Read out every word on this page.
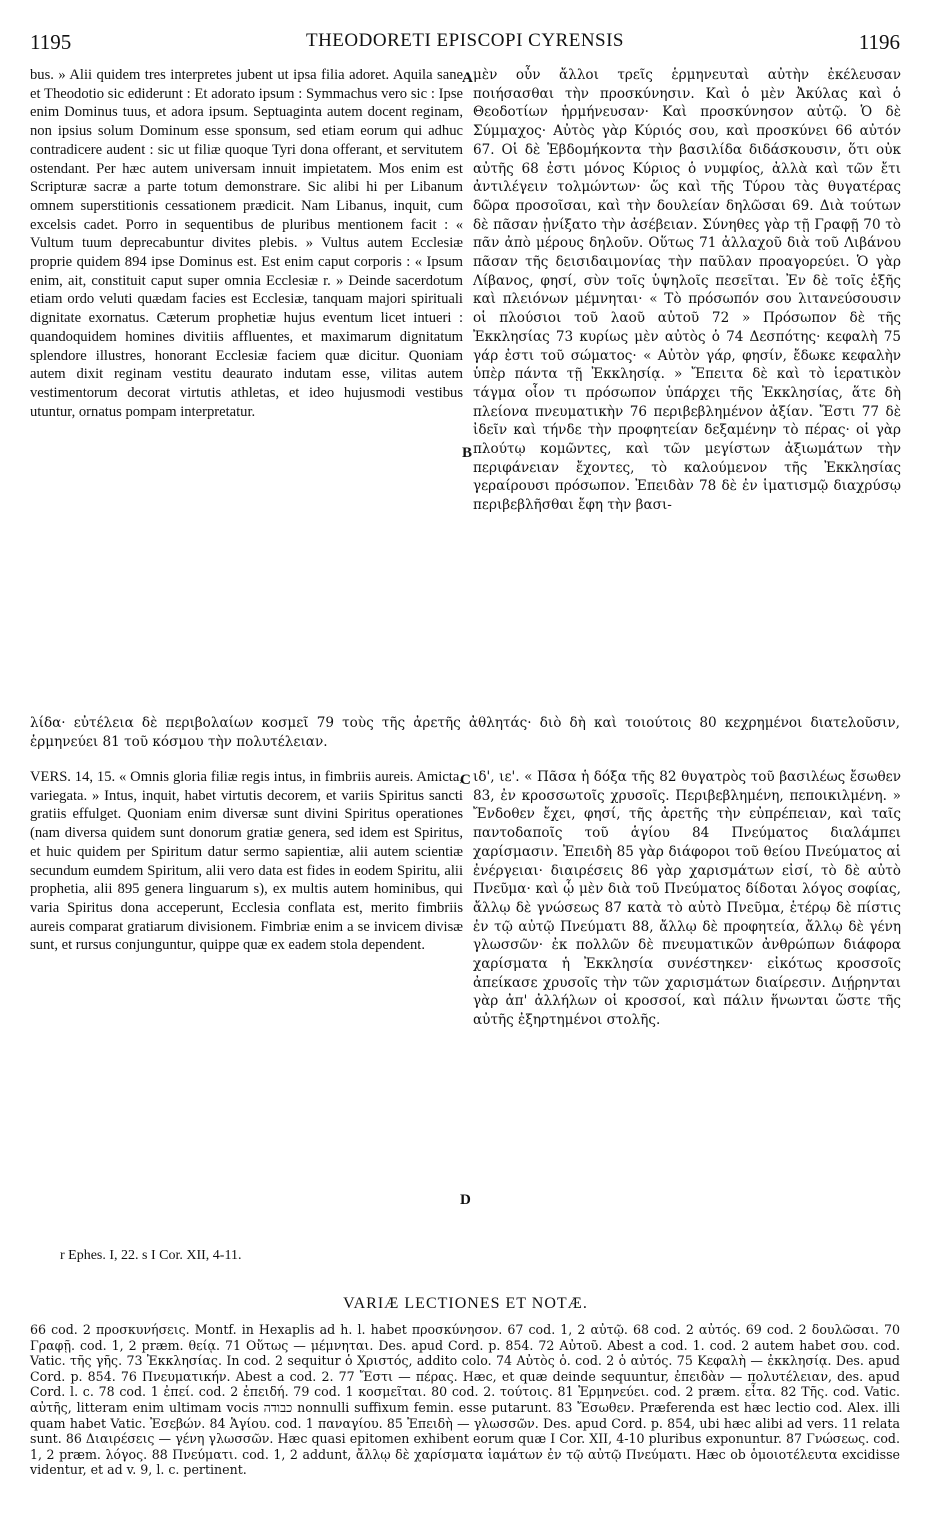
1195	THEODORETI EPISCOPI CYRENSIS	1196

bus. » Alii quidem tres interpretes jubent ut ipsa filia adoret. Aquila sane et Theodotio sic ediderunt : Et adorato ipsum : Symmachus vero sic : Ipse enim Dominus tuus, et adora ipsum. Septuaginta autem docent reginam, non ipsius solum Dominum esse sponsum, sed etiam eorum qui adhuc contradicere audent : sic ut filiæ quoque Tyri dona offerant, et servitutem ostendant. Per hæc autem universam innuit impietatem. Mos enim est Scripturæ sacræ a parte totum demonstrare. Sic alibi hi per Libanum omnem superstitionis cessationem prædicit. Nam Libanus, inquit, cum excelsis cadet. Porro in sequentibus de pluribus mentionem facit : « Vultum tuum deprecabuntur divites plebis. » Vultus autem Ecclesiæ proprie quidem 894 ipse Dominus est. Est enim caput corporis : « Ipsum enim, ait, constituit caput super omnia Ecclesiæ r. » Deinde sacerdotum etiam ordo veluti quædam facies est Ecclesiæ, tanquam majori spirituali dignitate exornatus. Cæterum prophetiæ hujus eventum licet intueri : quandoquidem homines divitiis affluentes, et maximarum dignitatum splendore illustres, honorant Ecclesiæ faciem quæ dicitur. Quoniam autem dixit reginam vestitu deaurato indutam esse, vilitas autem vestimentorum decorat virtutis athletas, et ideo hujusmodi vestibus utuntur, ornatus pompam interpretatur.

A
B

μὲν οὖν ἄλλοι τρεῖς ἑρμηνευταὶ αὐτὴν ἐκέλευσαν ποιήσασθαι τὴν προσκύνησιν. Καὶ ὁ μὲν Ἀκύλας καὶ ὁ Θεοδοτίων ἡρμήνευσαν· Καὶ προσκύνησον αὐτῷ. Ὁ δὲ Σύμμαχος· Αὐτὸς γὰρ Κύριός σου, καὶ προσκύνει 66 αὐτόν 67. Οἱ δὲ Ἑβδομήκοντα τὴν βασιλίδα διδάσκουσιν, ὅτι οὐκ αὐτῆς 68 ἐστι μόνος Κύριος ὁ νυμφίος, ἀλλὰ καὶ τῶν ἔτι ἀντιλέγειν τολμώντων· ὥς καὶ τῆς Τύρου τὰς θυγατέρας δῶρα προσοῖσαι, καὶ τὴν δουλείαν δηλῶσαι 69. Διὰ τούτων δὲ πᾶσαν ᾐνίξατο τὴν ἀσέβειαν. Σύνηθες γὰρ τῇ Γραφῇ 70 τὸ πᾶν ἀπὸ μέρους δηλοῦν. Οὕτως 71 ἀλλαχοῦ διὰ τοῦ Λιβάνου πᾶσαν τῆς δεισιδαιμονίας τὴν παῦλαν προαγορεύει. Ὁ γὰρ Λίβανος, φησί, σὺν τοῖς ὑψηλοῖς πεσεῖται. Ἐν δὲ τοῖς ἑξῆς καὶ πλειόνων μέμνηται· « Τὸ πρόσωπόν σου λιτανεύσουσιν οἱ πλούσιοι τοῦ λαοῦ αὐτοῦ 72 » Πρόσωπον δὲ τῆς Ἐκκλησίας 73 κυρίως μὲν αὐτὸς ὁ 74 Δεσπότης· κεφαλὴ 75 γάρ ἐστι τοῦ σώματος· « Αὐτὸν γάρ, φησίν, ἔδωκε κεφαλὴν ὑπὲρ πάντα τῇ Ἐκκλησίᾳ. » Ἔπειτα δὲ καὶ τὸ ἱερατικὸν τάγμα οἷον τι πρόσωπον ὑπάρχει τῆς Ἐκκλησίας, ἅτε δὴ πλείονα πνευματικὴν 76 περιβεβλημένον ἀξίαν. Ἔστι 77 δὲ ἰδεῖν καὶ τήνδε τὴν προφητείαν δεξαμένην τὸ πέρας· οἱ γὰρ πλούτῳ κομῶντες, καὶ τῶν μεγίστων ἀξιωμάτων τὴν περιφάνειαν ἔχοντες, τὸ καλούμενον τῆς Ἐκκλησίας γεραίρουσι πρόσωπον. Ἐπειδὰν 78 δὲ ἐν ἱματισμῷ διαχρύσῳ περιβεβλῆσθαι ἔφη τὴν βασι-

λίδα· εὐτέλεια δὲ περιβολαίων κοσμεῖ 79 τοὺς τῆς ἀρετῆς ἀθλητάς· διὸ δὴ καὶ τοιούτοις 80 κεχρημένοι διατελοῦσιν, ἑρμηνεύει 81 τοῦ κόσμου τὴν πολυτέλειαν.

VERS. 14, 15. « Omnis gloria filiæ regis intus, in fimbriis aureis. Amicta, variegata. » Intus, inquit, habet virtutis decorem, et variis Spiritus sancti gratiis effulget. Quoniam enim diversæ sunt divini Spiritus operationes (nam diversa quidem sunt donorum gratiæ genera, sed idem est Spiritus, et huic quidem per Spiritum datur sermo sapientiæ, alii autem scientiæ secundum eumdem Spiritum, alii vero data est fides in eodem Spiritu, alii prophetia, alii 895 genera linguarum s), ex multis autem hominibus, qui varia Spiritus dona acceperunt, Ecclesia conflata est, merito fimbriis aureis comparat gratiarum divisionem. Fimbriæ enim a se invicem divisæ sunt, et rursus conjunguntur, quippe quæ ex eadem stola dependent.

C
D

ιδ', ιε'. « Πᾶσα ἡ δόξα τῆς 82 θυγατρὸς τοῦ βασιλέως ἔσωθεν 83, ἐν κροσσωτοῖς χρυσοῖς. Περιβεβλημένη, πεποικιλμένη. » Ἔνδοθεν ἔχει, φησί, τῆς ἀρετῆς τὴν εὐπρέπειαν, καὶ ταῖς παντοδαποῖς τοῦ ἁγίου 84 Πνεύματος διαλάμπει χαρίσμασιν. Ἐπειδὴ 85 γὰρ διάφοροι τοῦ θείου Πνεύματος αἱ ἐνέργειαι· διαιρέσεις 86 γὰρ χαρισμάτων εἰσί, τὸ δὲ αὐτὸ Πνεῦμα· καὶ ᾧ μὲν διὰ τοῦ Πνεύματος δίδοται λόγος σοφίας, ἄλλῳ δὲ γνώσεως 87 κατὰ τὸ αὐτὸ Πνεῦμα, ἑτέρῳ δὲ πίστις ἐν τῷ αὐτῷ Πνεύματι 88, ἄλλῳ δὲ προφητεία, ἄλλῳ δὲ γένη γλωσσῶν· ἐκ πολλῶν δὲ πνευματικῶν ἀνθρώπων διάφορα χαρίσματα ἡ Ἐκκλησία συνέστηκεν· εἰκότως κροσσοῖς ἀπείκασε χρυσοῖς τὴν τῶν χαρισμάτων διαίρεσιν. Διῄρηνται γὰρ ἀπ' ἀλλήλων οἱ κροσσοί, καὶ πάλιν ἥνωνται ὥστε τῆς αὐτῆς ἐξηρτημένοι στολῆς.

r Ephes. I, 22. s I Cor. XII, 4-11.
VARIÆ LECTIONES ET NOTÆ.

66 cod. 2 προσκυνήσεις. Montf. in Hexaplis ad h. l. habet προσκύνησον. 67 cod. 1, 2 αὐτῷ. 68 cod. 2 αὐτός. 69 cod. 2 δουλῶσαι. 70 Γραφῇ. cod. 1, 2 præm. θείᾳ. 71 Οὕτως — μέμνηται. Des. apud Cord. p. 854. 72 Αὐτοῦ. Abest a cod. 1. cod. 2 autem habet σου. cod. Vatic. τῆς γῆς. 73 Ἐκκλησίας. In cod. 2 sequitur ὁ Χριστός, addito colo. 74 Αὐτὸς ὁ. cod. 2 ὁ αὐτός. 75 Κεφαλὴ — ἐκκλησίᾳ. Des. apud Cord. p. 854. 76 Πνευματικήν. Abest a cod. 2. 77 Ἔστι — πέρας. Hæc, et quæ deinde sequuntur, ἐπειδὰν — πολυτέλειαν, des. apud Cord. l. c. 78 cod. 1 ἐπεί. cod. 2 ἐπειδή. 79 cod. 1 κοσμεῖται. 80 cod. 2. τούτοις. 81 Ἑρμηνεύει. cod. 2 præm. εἶτα. 82 Τῆς. cod. Vatic. αὐτῆς, litteram enim ultimam vocis כבודה nonnulli suffixum femin. esse putarunt. 83 Ἔσωθεν. Præferenda est hæc lectio cod. Alex. illi quam habet Vatic. Ἐσεβών. 84 Ἁγίου. cod. 1 παναγίου. 85 Ἐπειδὴ — γλωσσῶν. Des. apud Cord. p. 854, ubi hæc alibi ad vers. 11 relata sunt. 86 Διαιρέσεις — γένη γλωσσῶν. Hæc quasi epitomen exhibent eorum quæ I Cor. XII, 4-10 pluribus exponuntur. 87 Γνώσεως. cod. 1, 2 præm. λόγος. 88 Πνεύματι. cod. 1, 2 addunt, ἄλλῳ δὲ χαρίσματα ἰαμάτων ἐν τῷ αὐτῷ Πνεύματι. Hæc ob ὁμοιοτέλευτα excidisse videntur, et ad v. 9, l. c. pertinent.
